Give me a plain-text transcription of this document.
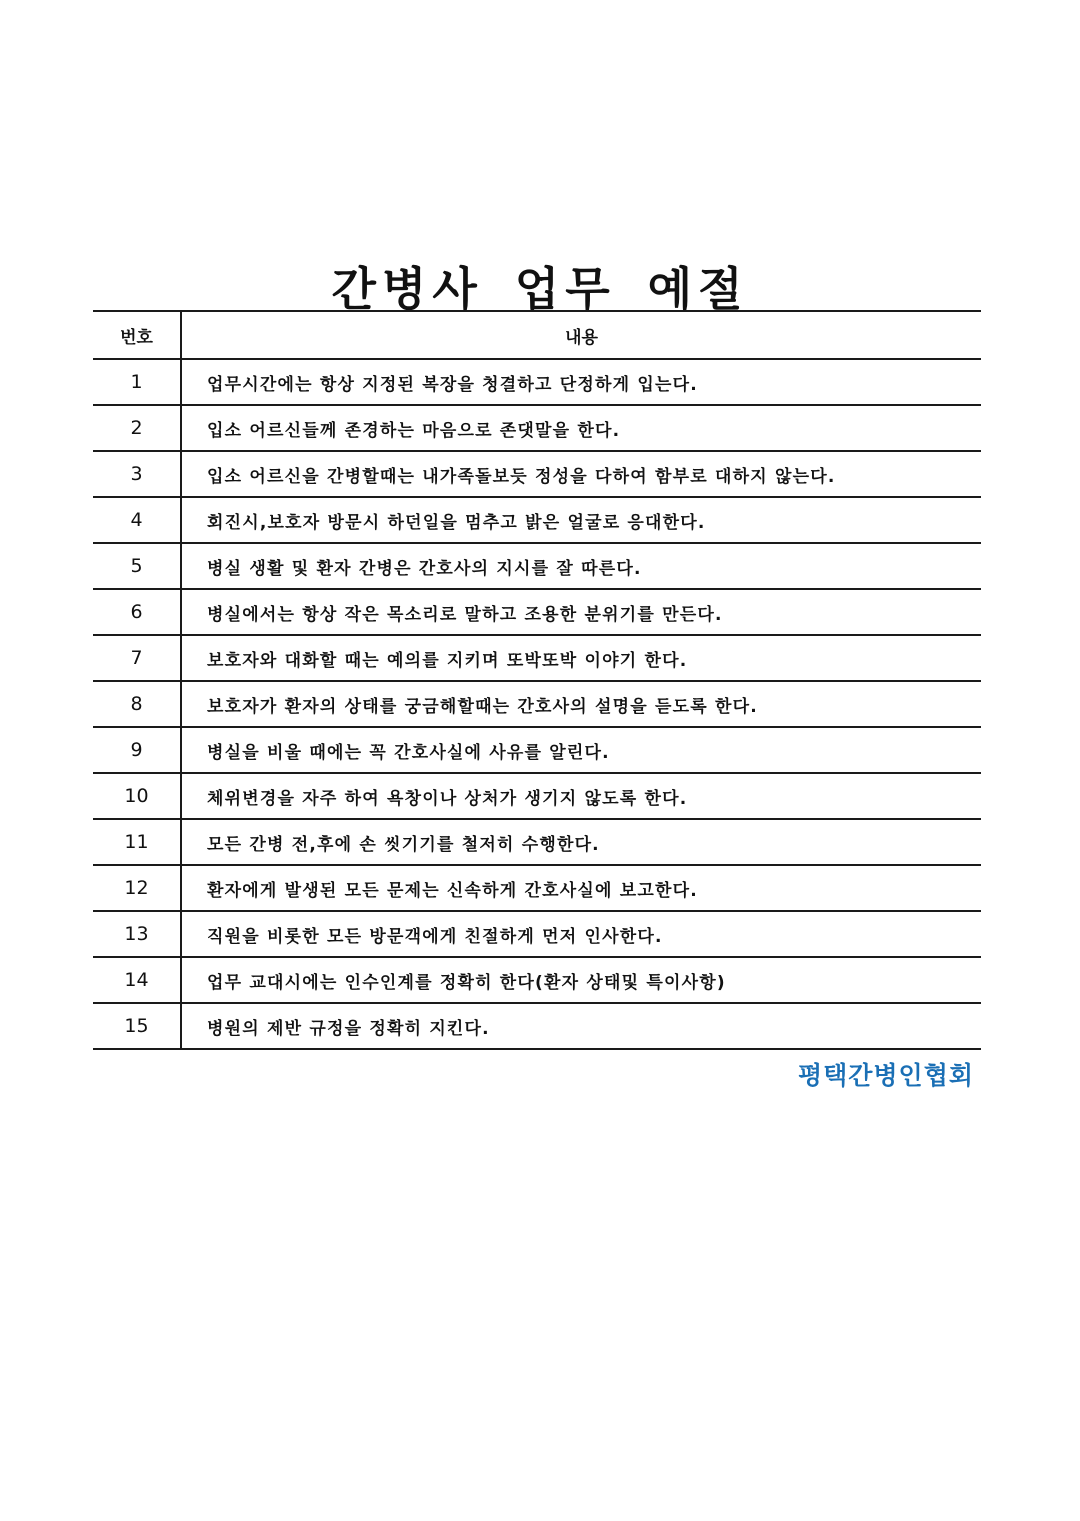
간병사 업무 예절
번호	내용
1	업무시간에는 항상 지정된 복장을 청결하고 단정하게 입는다.
2	입소 어르신들께 존경하는 마음으로 존댓말을 한다.
3	입소 어르신을 간병할때는 내가족돌보듯 정성을 다하여 함부로 대하지 않는다.
4	회진시,보호자 방문시 하던일을 멈추고 밝은 얼굴로 응대한다.
5	병실 생활 및 환자 간병은 간호사의 지시를 잘 따른다.
6	병실에서는 항상 작은 목소리로 말하고 조용한 분위기를 만든다.
7	보호자와 대화할 때는 예의를 지키며 또박또박 이야기 한다.
8	보호자가 환자의 상태를 궁금해할때는 간호사의 설명을 듣도록 한다.
9	병실을 비울 때에는 꼭 간호사실에 사유를 알린다.
10	체위변경을 자주 하여 욕창이나 상처가 생기지 않도록 한다.
11	모든 간병 전,후에 손 씻기기를 철저히 수행한다.
12	환자에게 발생된 모든 문제는 신속하게 간호사실에 보고한다.
13	직원을 비롯한 모든 방문객에게 친절하게 먼저 인사한다.
14	업무 교대시에는 인수인계를 정확히 한다(환자 상태및 특이사항)
15	병원의 제반 규정을 정확히 지킨다.
평택간병인협회
